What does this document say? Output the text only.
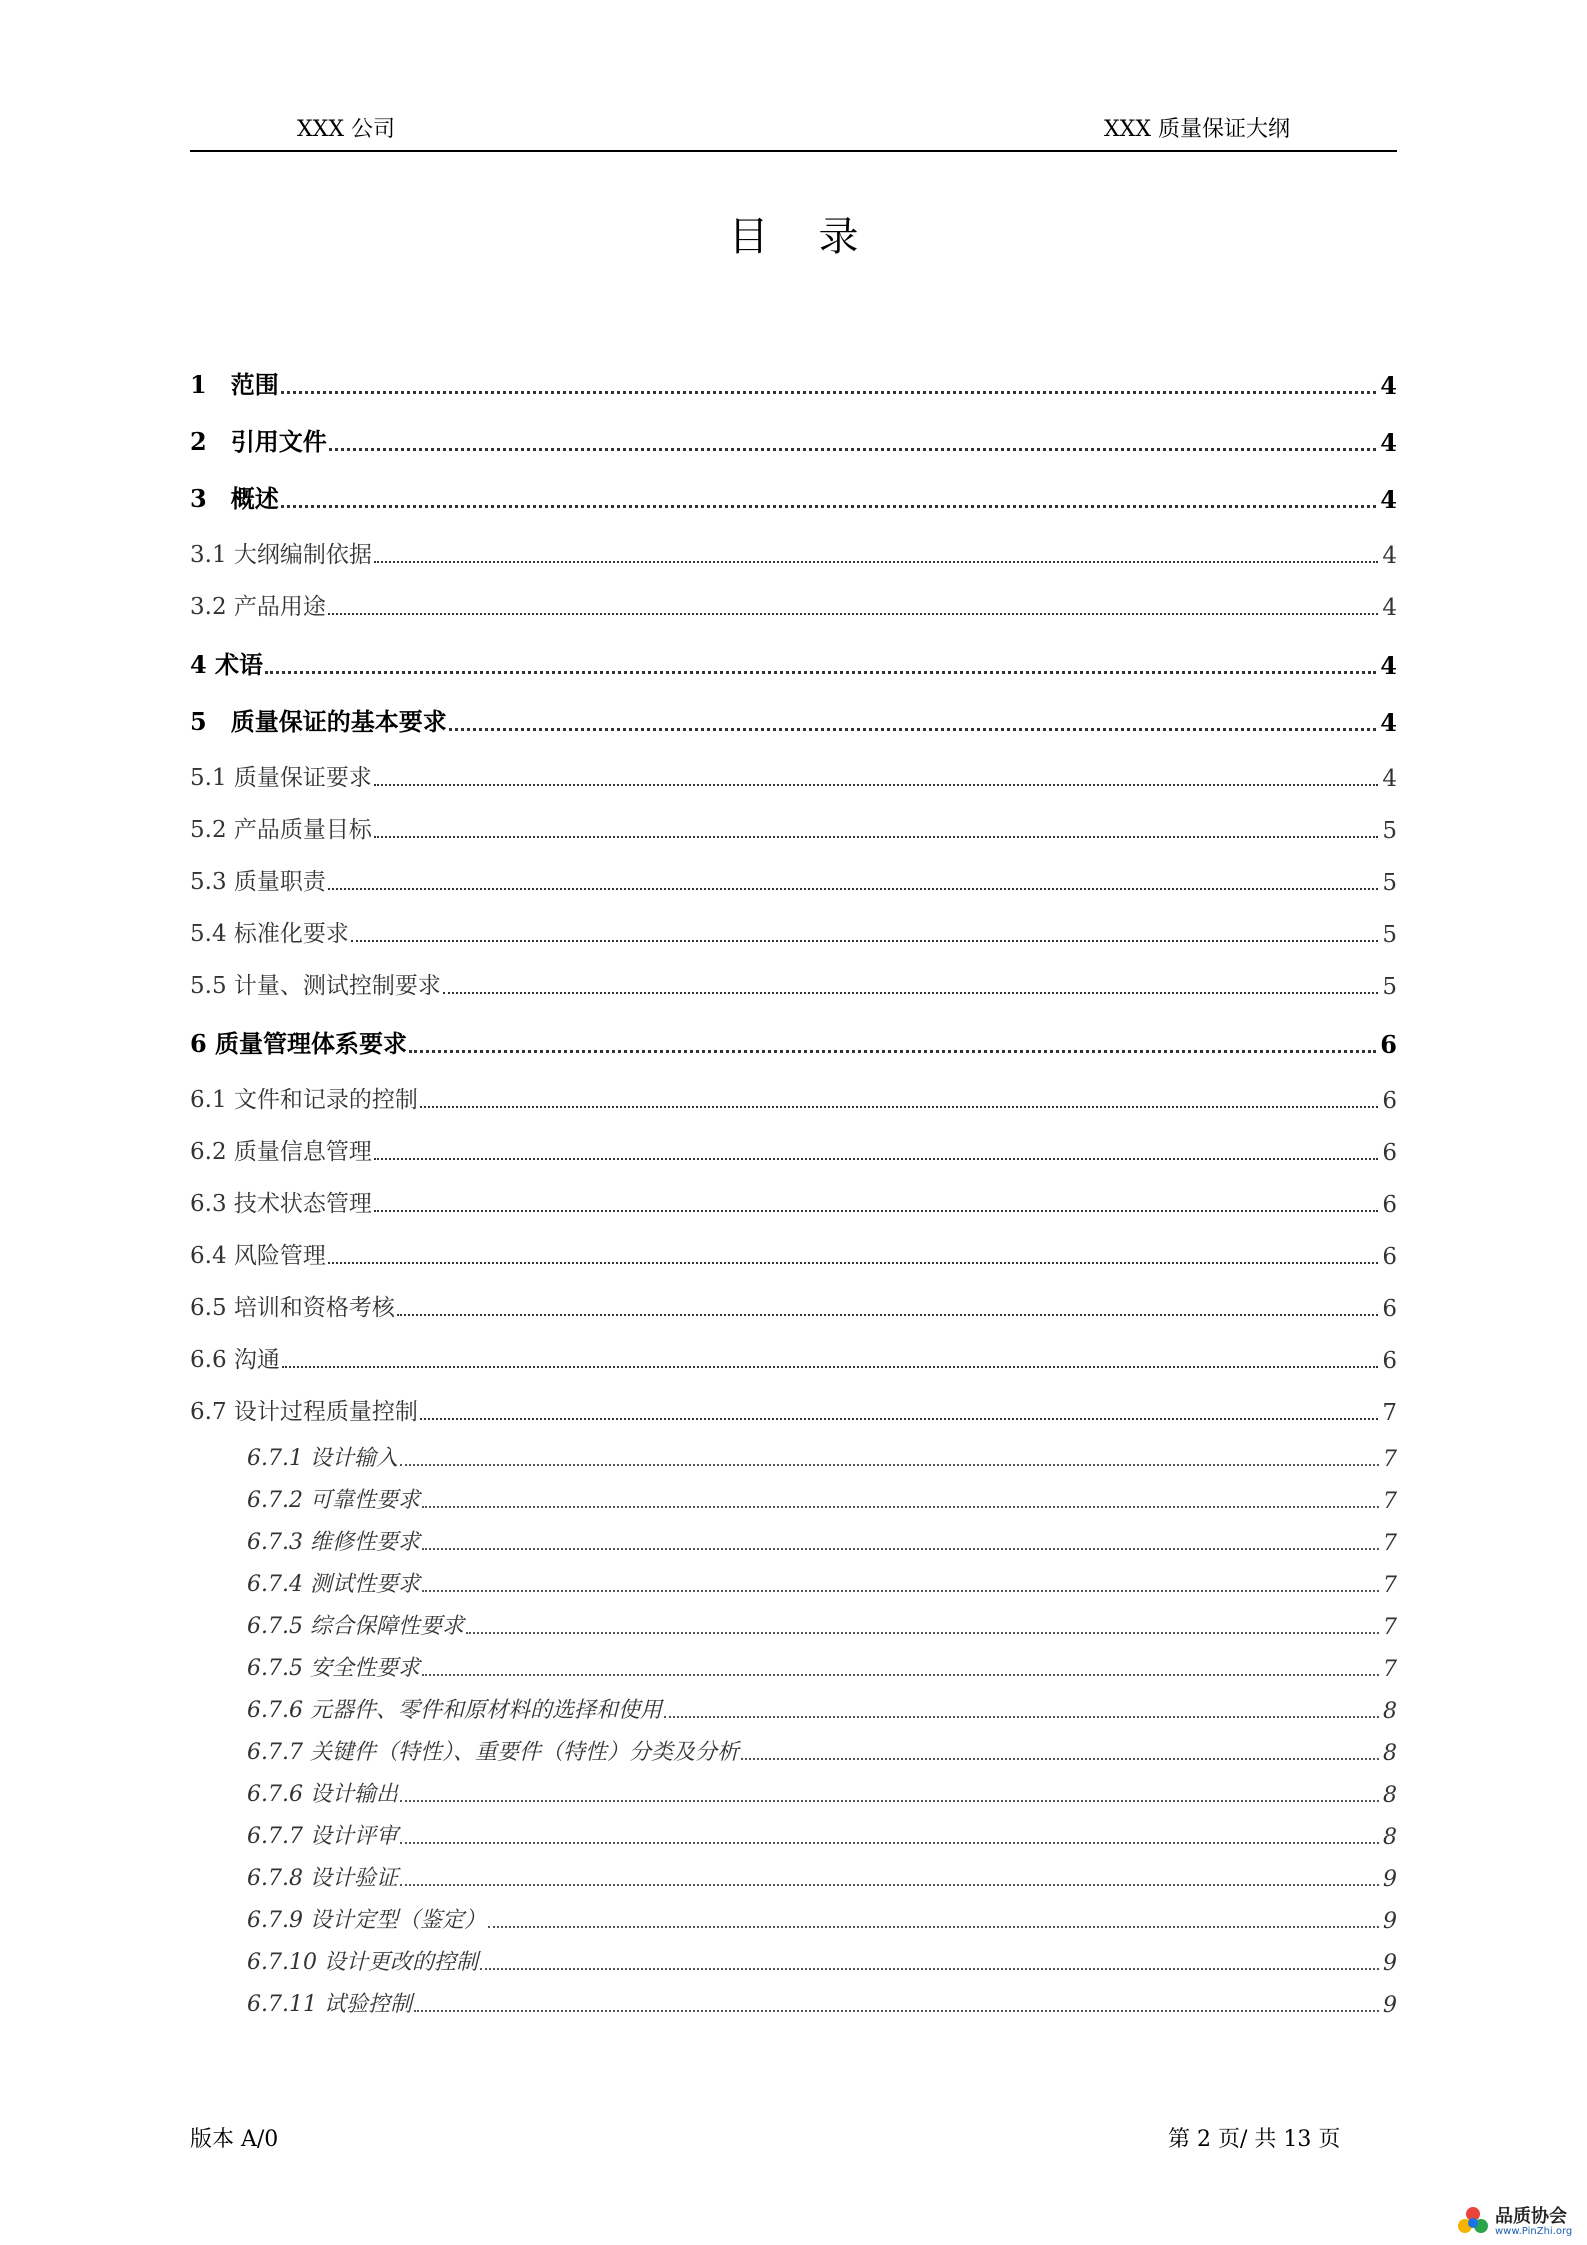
XXX 公司	XXX 质量保证大纲
目录
1　范围	4
2　引用文件	4
3　概述	4
3.1 大纲编制依据	4
3.2 产品用途	4
4 术语	4
5　质量保证的基本要求	4
5.1 质量保证要求	4
5.2 产品质量目标	5
5.3 质量职责	5
5.4 标准化要求	5
5.5 计量、测试控制要求	5
6 质量管理体系要求	6
6.1 文件和记录的控制	6
6.2 质量信息管理	6
6.3 技术状态管理	6
6.4 风险管理	6
6.5 培训和资格考核	6
6.6 沟通	6
6.7 设计过程质量控制	7
6.7.1 设计输入	7
6.7.2 可靠性要求	7
6.7.3 维修性要求	7
6.7.4 测试性要求	7
6.7.5 综合保障性要求	7
6.7.5 安全性要求	7
6.7.6 元器件、零件和原材料的选择和使用	8
6.7.7 关键件（特性）、重要件（特性）分类及分析	8
6.7.6 设计输出	8
6.7.7 设计评审	8
6.7.8 设计验证	9
6.7.9 设计定型（鉴定）	9
6.7.10 设计更改的控制	9
6.7.11 试验控制	9
版本 A/0	第 2 页/ 共 13 页
品质协会
www.PinZhi.org
